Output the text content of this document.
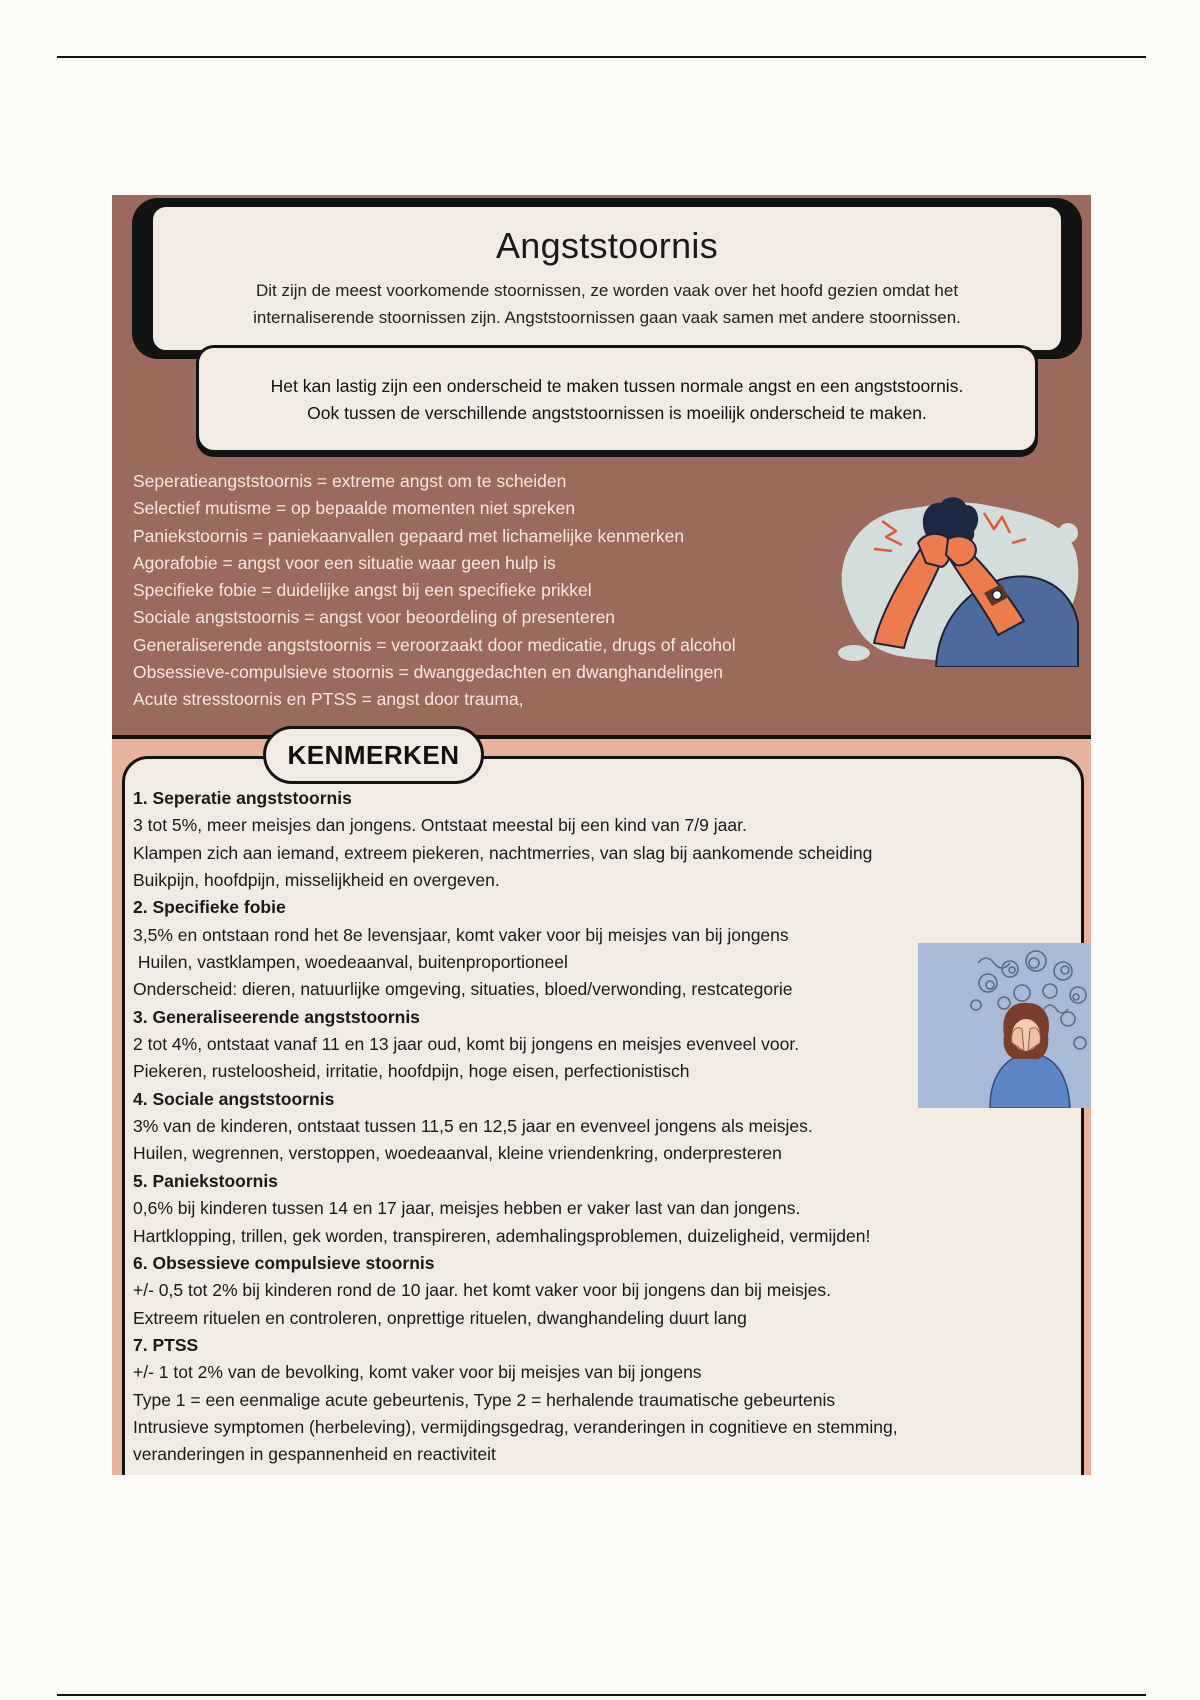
Angststoornis
Dit zijn de meest voorkomende stoornissen, ze worden vaak over het hoofd gezien omdat het
internaliserende stoornissen zijn. Angststoornissen gaan vaak samen met andere stoornissen.
Het kan lastig zijn een onderscheid te maken tussen normale angst en een angststoornis.
Ook tussen de verschillende angststoornissen is moeilijk onderscheid te maken.
Seperatieangststoornis = extreme angst om te scheiden
Selectief mutisme = op bepaalde momenten niet spreken
Paniekstoornis = paniekaanvallen gepaard met lichamelijke kenmerken
Agorafobie = angst voor een situatie waar geen hulp is
Specifieke fobie = duidelijke angst bij een specifieke prikkel
Sociale angststoornis = angst voor beoordeling of presenteren
Generaliserende angststoornis = veroorzaakt door medicatie, drugs of alcohol
Obsessieve-compulsieve stoornis = dwanggedachten en dwanghandelingen
Acute stresstoornis en PTSS = angst door trauma,
KENMERKEN
1. Seperatie angststoornis
3 tot 5%, meer meisjes dan jongens. Ontstaat meestal bij een kind van 7/9 jaar.
Klampen zich aan iemand, extreem piekeren, nachtmerries, van slag bij aankomende scheiding
Buikpijn, hoofdpijn, misselijkheid en overgeven.
2. Specifieke fobie
3,5% en ontstaan rond het 8e levensjaar, komt vaker voor bij meisjes van bij jongens
Huilen, vastklampen, woedeaanval, buitenproportioneel
Onderscheid: dieren, natuurlijke omgeving, situaties, bloed/verwonding, restcategorie
3. Generaliseerende angststoornis
2 tot 4%, ontstaat vanaf 11 en 13 jaar oud, komt bij jongens en meisjes evenveel voor.
Piekeren, rusteloosheid, irritatie, hoofdpijn, hoge eisen, perfectionistisch
4. Sociale angststoornis
3% van de kinderen, ontstaat tussen 11,5 en 12,5 jaar en evenveel jongens als meisjes.
Huilen, wegrennen, verstoppen, woedeaanval, kleine vriendenkring, onderpresteren
5. Paniekstoornis
0,6% bij kinderen tussen 14 en 17 jaar, meisjes hebben er vaker last van dan jongens.
Hartklopping, trillen, gek worden, transpireren, ademhalingsproblemen, duizeligheid, vermijden!
6. Obsessieve compulsieve stoornis
+/- 0,5 tot 2% bij kinderen rond de 10 jaar. het komt vaker voor bij jongens dan bij meisjes.
Extreem rituelen en controleren, onprettige rituelen, dwanghandeling duurt lang
7. PTSS
+/- 1 tot 2% van de bevolking, komt vaker voor bij meisjes van bij jongens
Type 1 = een eenmalige acute gebeurtenis, Type 2 = herhalende traumatische gebeurtenis
Intrusieve symptomen (herbeleving), vermijdingsgedrag, veranderingen in cognitieve en stemming,
veranderingen in gespannenheid en reactiviteit
